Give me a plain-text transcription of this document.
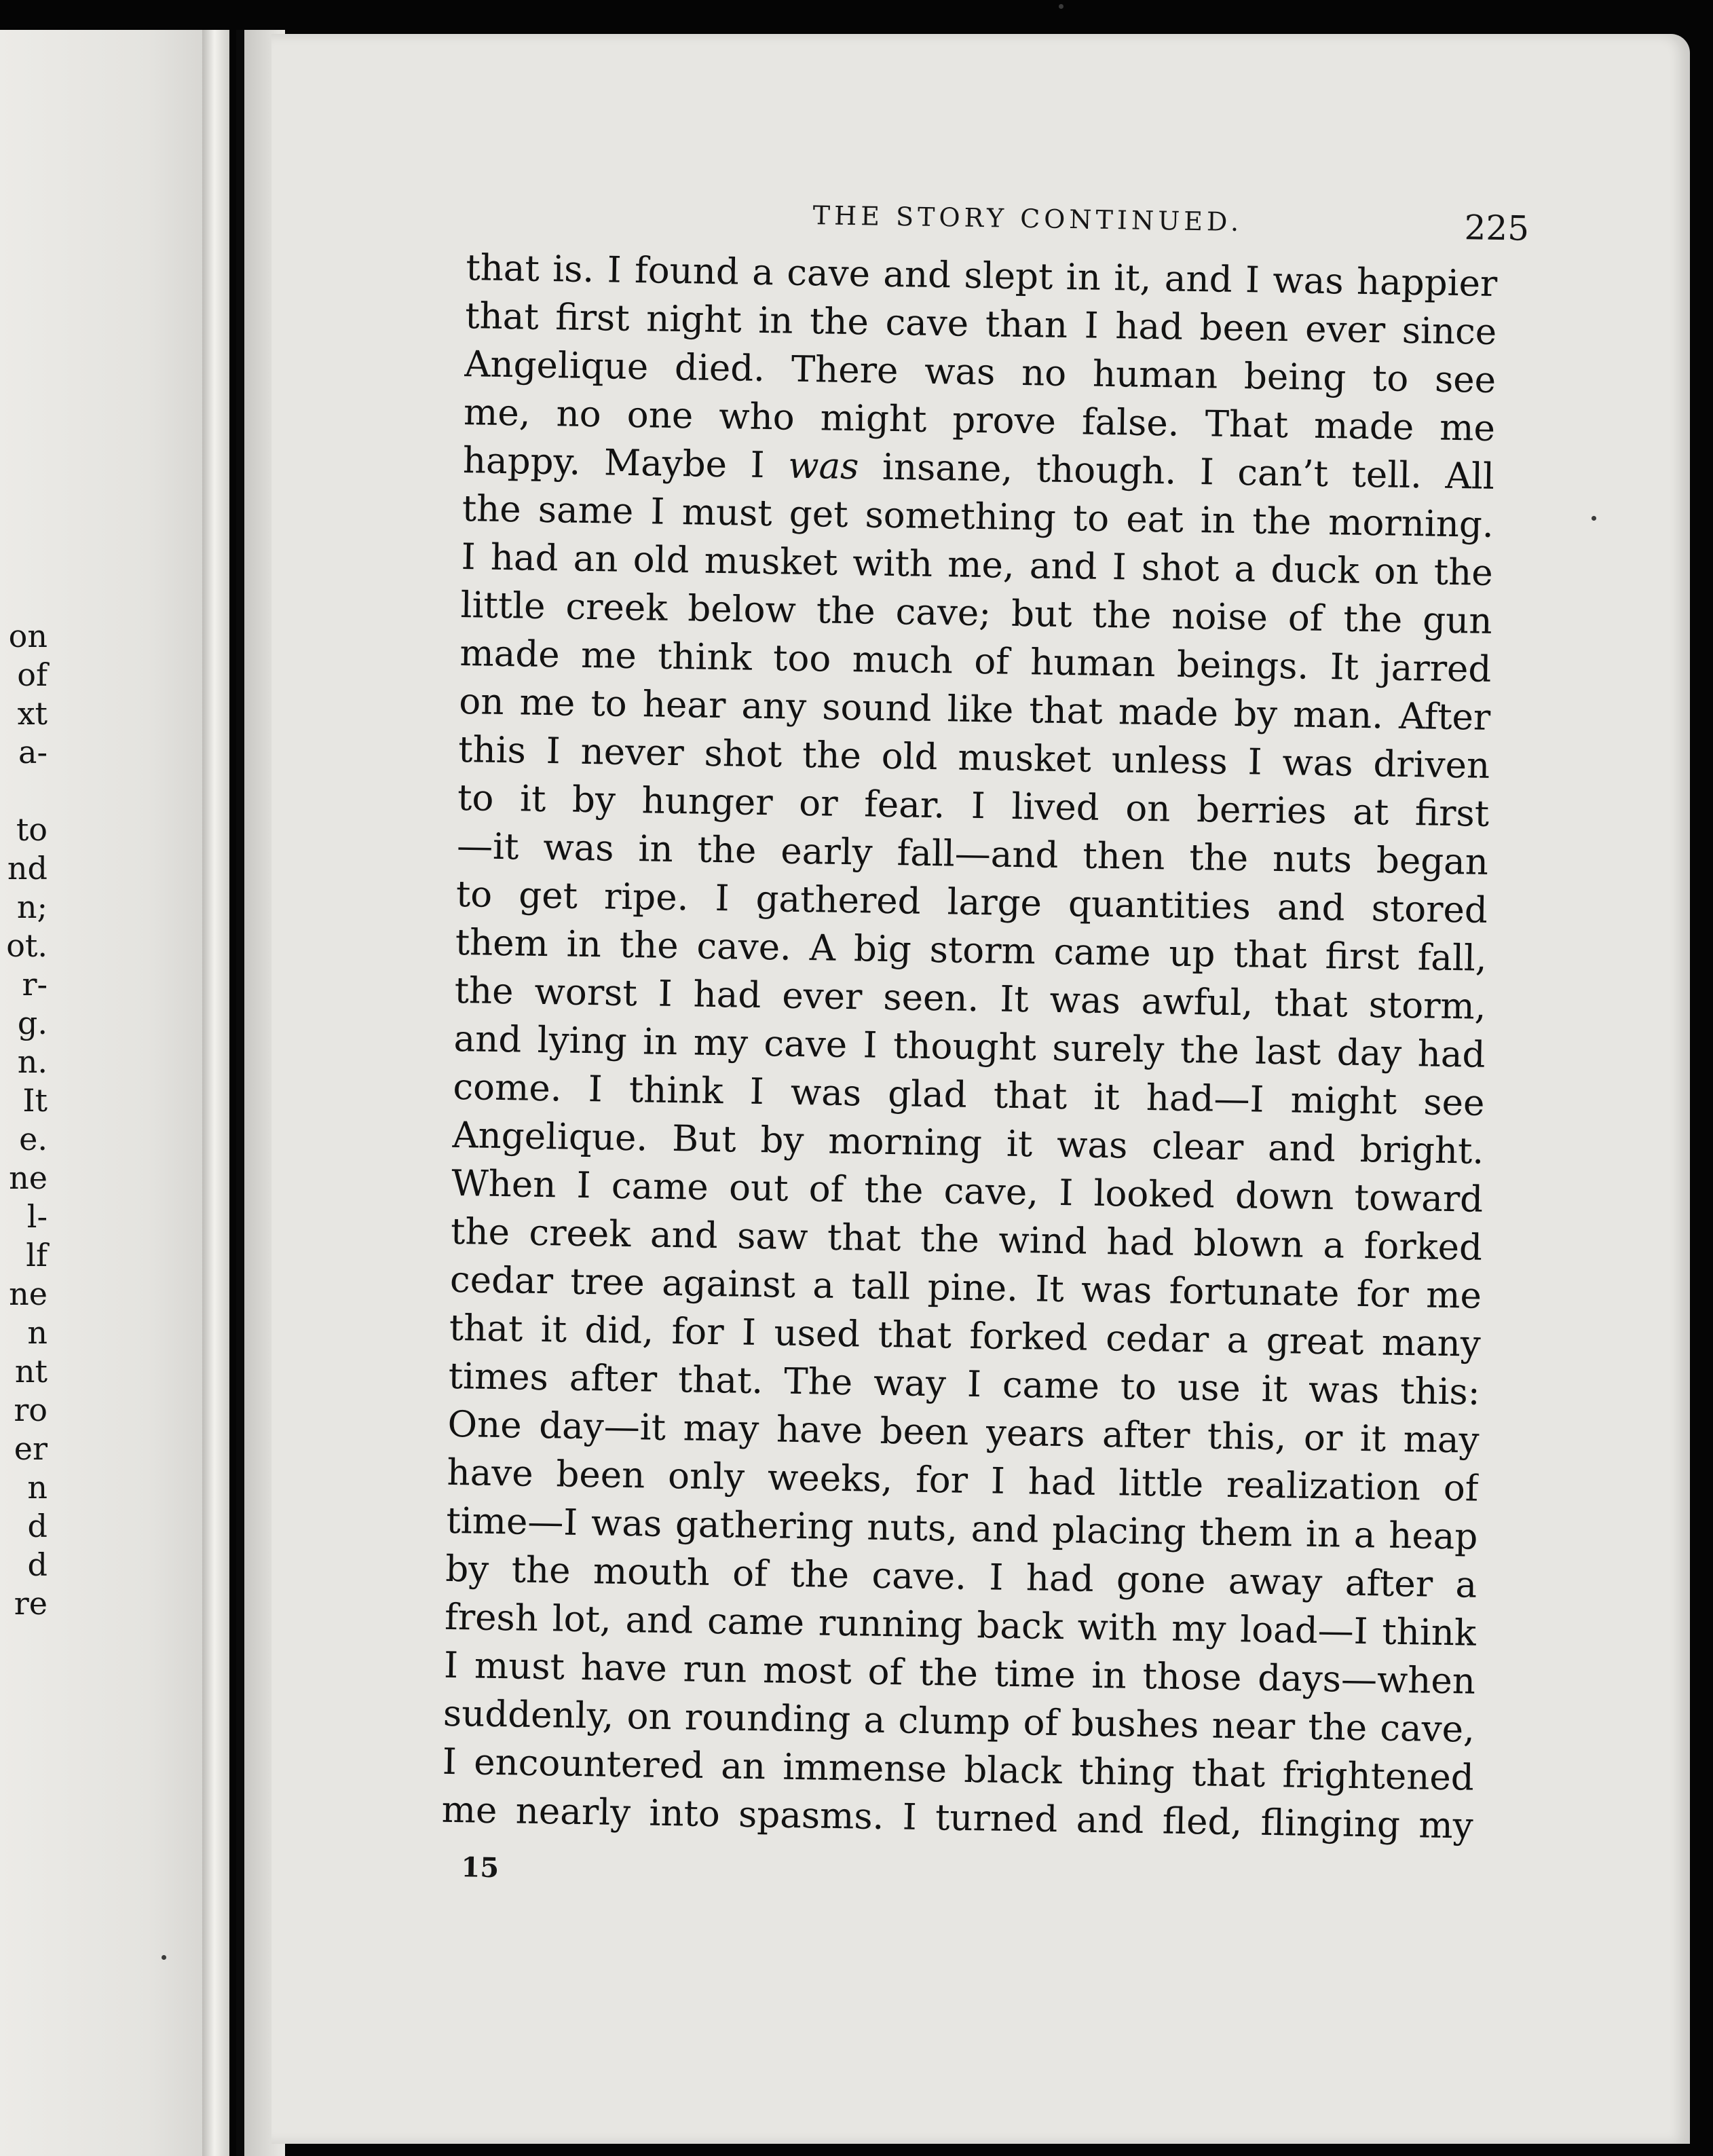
on
of
xt
a-
to
nd
n;
ot.
r-
g.
n.
It
e.
ne
l-
lf
ne
n
nt
ro
er
n
d
d
re
THE STORY CONTINUED.	225
that is. I found a cave and slept in it, and I was happier
that first night in the cave than I had been ever since
Angelique died. There was no human being to see
me, no one who might prove false. That made me
happy. Maybe I was insane, though. I can’t tell. All
the same I must get something to eat in the morning.
I had an old musket with me, and I shot a duck on the
little creek below the cave; but the noise of the gun
made me think too much of human beings. It jarred
on me to hear any sound like that made by man. After
this I never shot the old musket unless I was driven
to it by hunger or fear. I lived on berries at first
—it was in the early fall—and then the nuts began
to get ripe. I gathered large quantities and stored
them in the cave. A big storm came up that first fall,
the worst I had ever seen. It was awful, that storm,
and lying in my cave I thought surely the last day had
come. I think I was glad that it had—I might see
Angelique. But by morning it was clear and bright.
When I came out of the cave, I looked down toward
the creek and saw that the wind had blown a forked
cedar tree against a tall pine. It was fortunate for me
that it did, for I used that forked cedar a great many
times after that. The way I came to use it was this:
One day—it may have been years after this, or it may
have been only weeks, for I had little realization of
time—I was gathering nuts, and placing them in a heap
by the mouth of the cave. I had gone away after a
fresh lot, and came running back with my load—I think
I must have run most of the time in those days—when
suddenly, on rounding a clump of bushes near the cave,
I encountered an immense black thing that frightened
me nearly into spasms. I turned and fled, flinging my
15
